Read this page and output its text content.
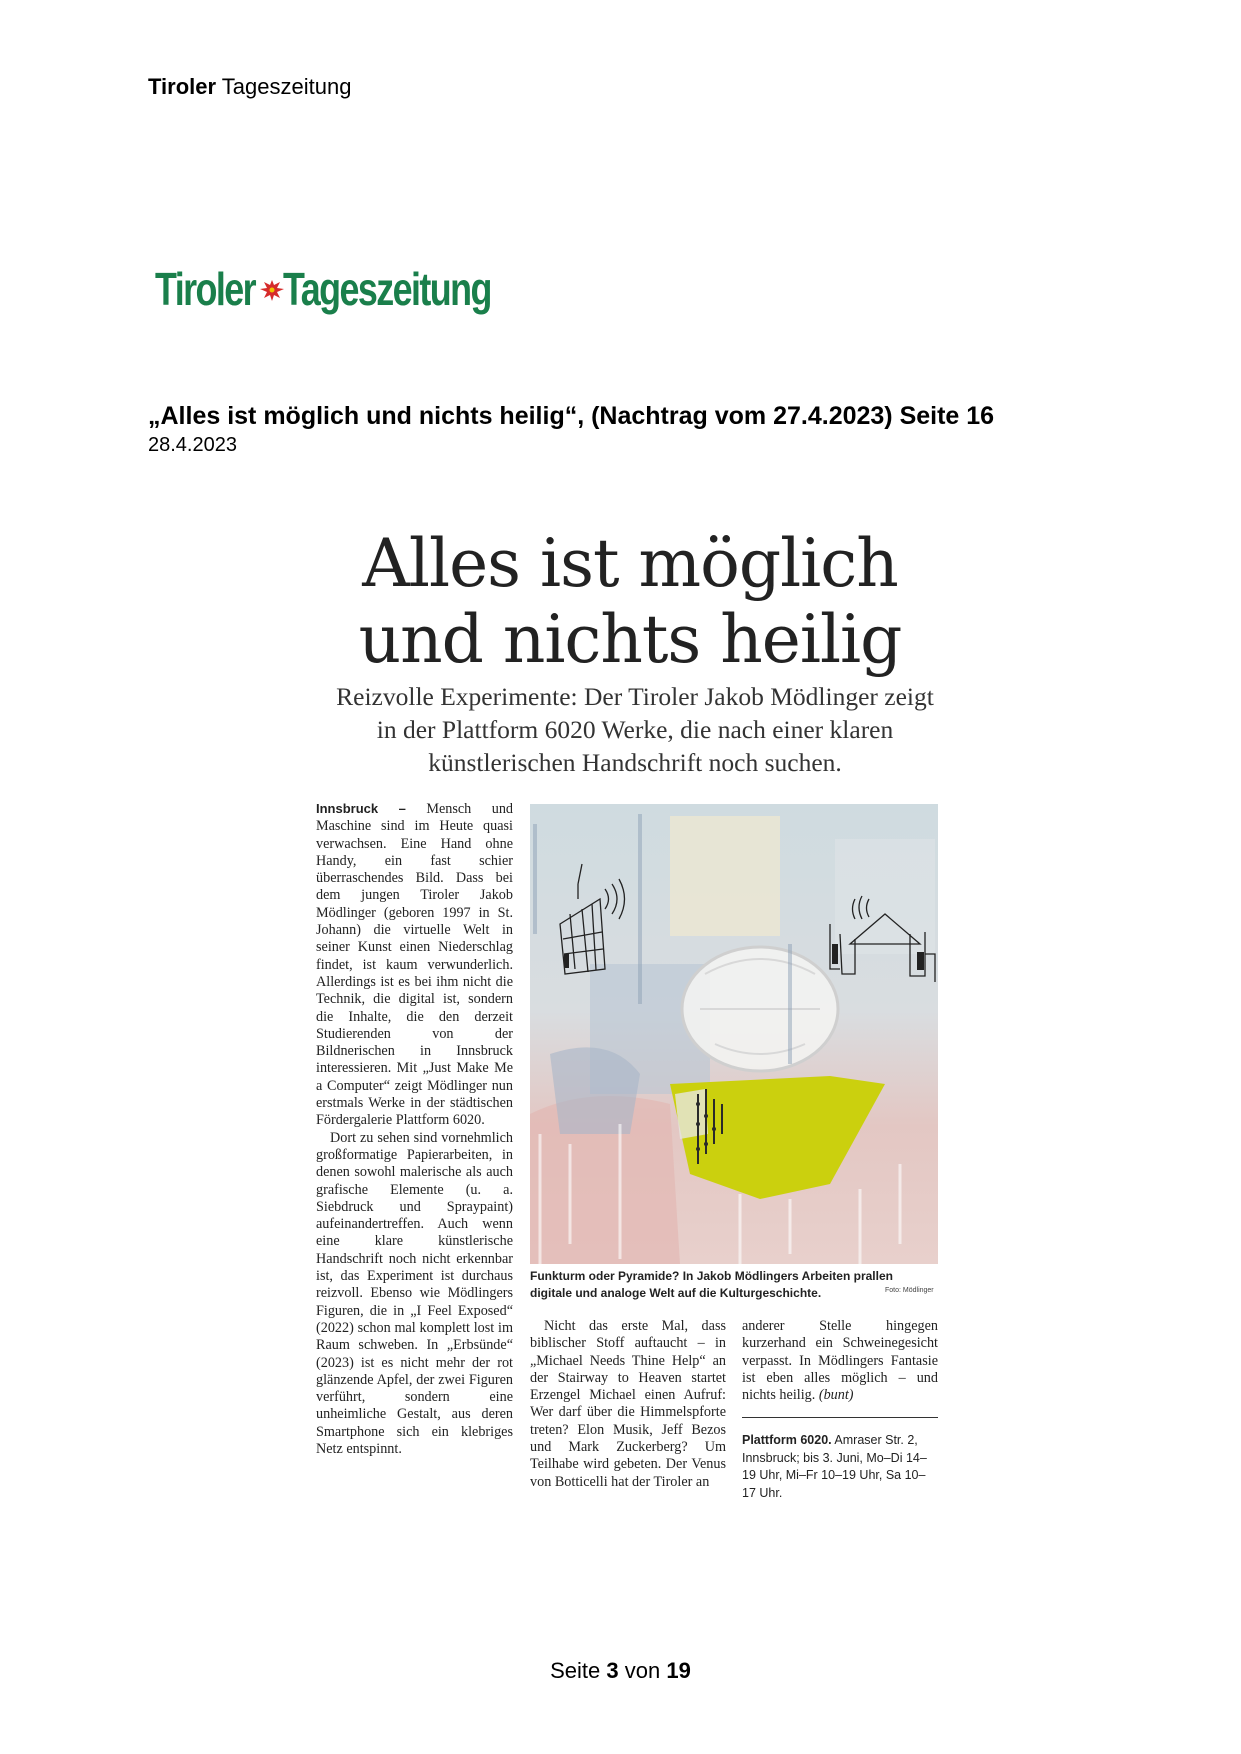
Tiroler Tageszeitung
Tiroler Tageszeitung
„Alles ist möglich und nichts heilig“, (Nachtrag vom 27.4.2023) Seite 16
28.4.2023
Alles ist möglich
und nichts heilig
Reizvolle Experimente: Der Tiroler Jakob Mödlinger zeigt in der Plattform 6020 Werke, die nach einer klaren künstlerischen Handschrift noch suchen.

Innsbruck – Mensch und Maschine sind im Heute quasi verwachsen. Eine Hand ohne Handy, ein fast schier überraschendes Bild. Dass bei dem jungen Tiroler Jakob Mödlinger (geboren 1997 in St. Johann) die virtuelle Welt in seiner Kunst einen Niederschlag findet, ist kaum verwunderlich. Allerdings ist es bei ihm nicht die Technik, die digital ist, sondern die Inhalte, die den derzeit Studierenden von der Bildnerischen in Innsbruck interessieren. Mit „Just Make Me a Computer“ zeigt Mödlinger nun erstmals Werke in der städtischen Fördergalerie Plattform 6020.

Dort zu sehen sind vornehmlich großformatige Papierarbeiten, in denen sowohl malerische als auch grafische Elemente (u. a. Siebdruck und Spraypaint) aufeinandertreffen. Auch wenn eine klare künstlerische Handschrift noch nicht erkennbar ist, das Experiment ist durchaus reizvoll. Ebenso wie Mödlingers Figuren, die in „I Feel Exposed“ (2022) schon mal komplett lost im Raum schweben. In „Erbsünde“ (2023) ist es nicht mehr der rot glänzende Apfel, der zwei Figuren verführt, sondern eine unheimliche Gestalt, aus deren Smartphone sich ein klebriges Netz entspinnt.

Funkturm oder Pyramide? In Jakob Mödlingers Arbeiten prallen digitale und analoge Welt auf die Kulturgeschichte.	Foto: Mödlinger

Nicht das erste Mal, dass biblischer Stoff auftaucht – in „Michael Needs Thine Help“ an der Stairway to Heaven startet Erzengel Michael einen Aufruf: Wer darf über die Himmelspforte treten? Elon Musik, Jeff Bezos und Mark Zuckerberg? Um Teilhabe wird gebeten. Der Venus von Botticelli hat der Tiroler an

anderer Stelle hingegen kurzerhand ein Schweinegesicht verpasst. In Mödlingers Fantasie ist eben alles möglich – und nichts heilig. (bunt)

Plattform 6020. Amraser Str. 2, Innsbruck; bis 3. Juni, Mo–Di 14–19 Uhr, Mi–Fr 10–19 Uhr, Sa 10–17 Uhr.
Seite 3 von 19
